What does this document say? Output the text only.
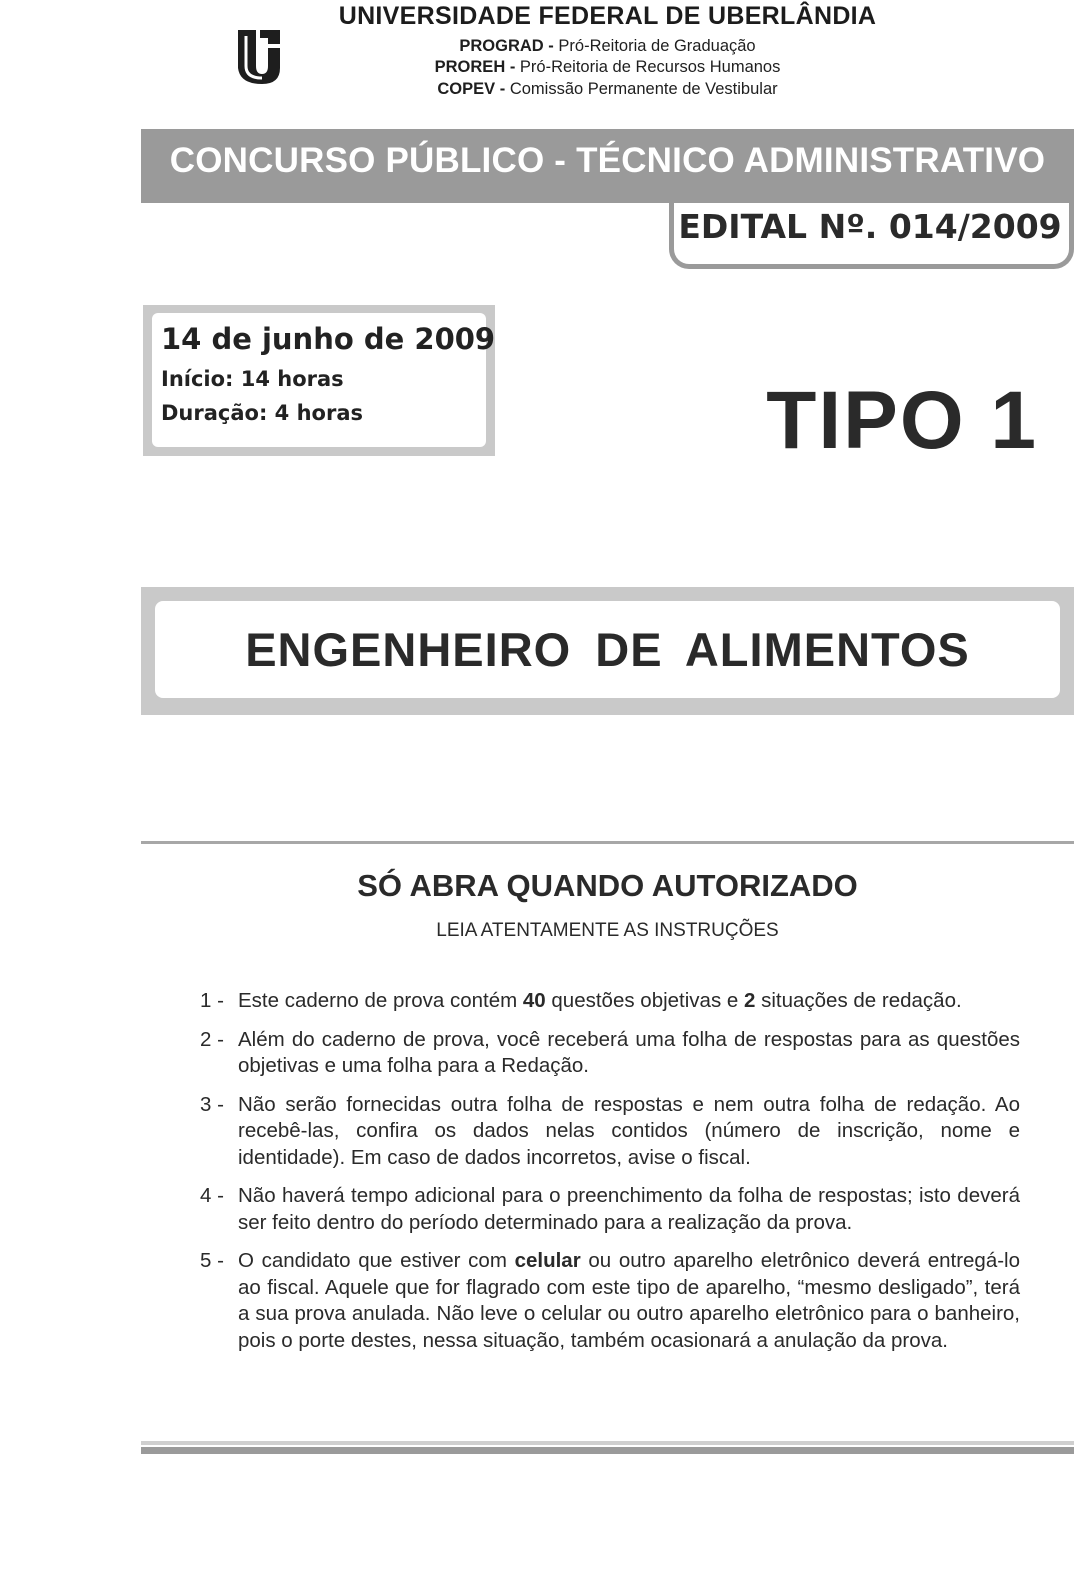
UNIVERSIDADE FEDERAL DE UBERLÂNDIA
PROGRAD - Pró-Reitoria de Graduação
PROREH - Pró-Reitoria de Recursos Humanos
COPEV - Comissão Permanente de Vestibular
CONCURSO PÚBLICO - TÉCNICO ADMINISTRATIVO
EDITAL Nº. 014/2009
14 de junho de 2009
Início: 14 horas
Duração: 4 horas	TIPO 1
ENGENHEIRO DE ALIMENTOS
SÓ ABRA QUANDO AUTORIZADO
LEIA ATENTAMENTE AS INSTRUÇÕES
1 - Este caderno de prova contém 40 questões objetivas e 2 situações de redação.
2 - Além do caderno de prova, você receberá uma folha de respostas para as questões objetivas e uma folha para a Redação.
3 - Não serão fornecidas outra folha de respostas e nem outra folha de redação. Ao recebê-las, confira os dados nelas contidos (número de inscrição, nome e identidade). Em caso de dados incorretos, avise o fiscal.
4 - Não haverá tempo adicional para o preenchimento da folha de respostas; isto deverá ser feito dentro do período determinado para a realização da prova.
5 - O candidato que estiver com celular ou outro aparelho eletrônico deverá entregá-lo ao fiscal. Aquele que for flagrado com este tipo de aparelho, “mesmo desligado”, terá a sua prova anulada. Não leve o celular ou outro aparelho eletrônico para o banheiro, pois o porte destes, nessa situação, também ocasionará a anulação da prova.
